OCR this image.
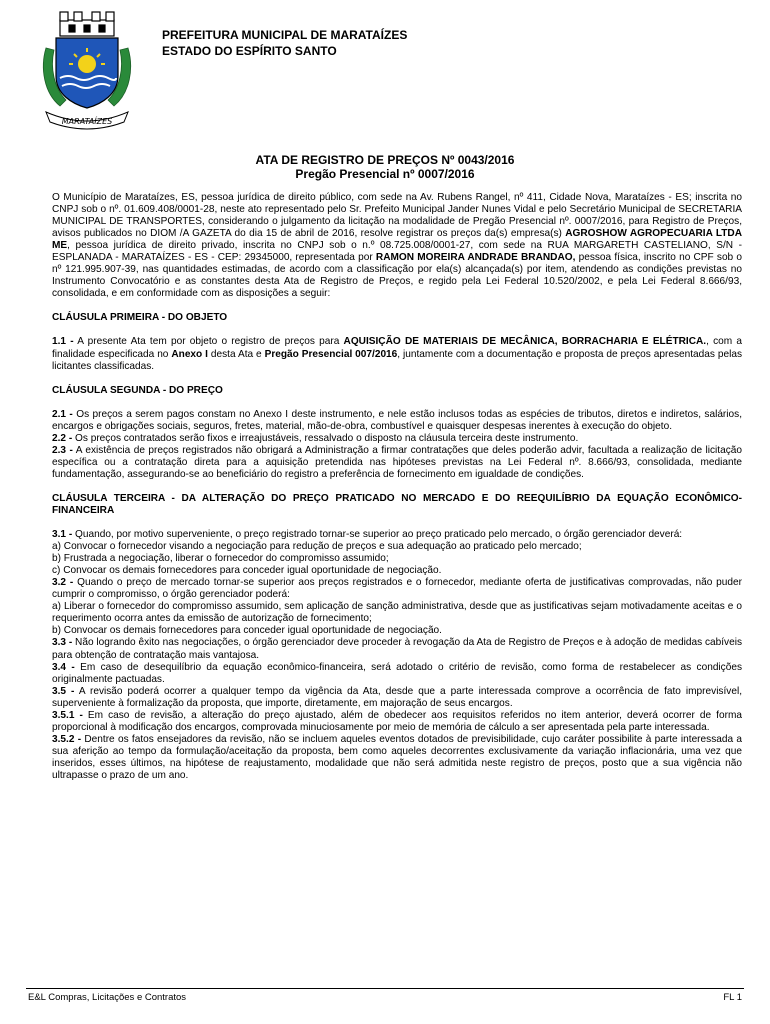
MARATAÍZES
PREFEITURA MUNICIPAL DE MARATAÍZES
ESTADO DO ESPÍRITO SANTO
ATA DE REGISTRO DE PREÇOS Nº 0043/2016
Pregão Presencial nº 0007/2016

O Município de Marataízes, ES, pessoa jurídica de direito público, com sede na Av. Rubens Rangel, nº 411, Cidade Nova, Marataízes - ES; inscrita no CNPJ sob o nº. 01.609.408/0001-28, neste ato representado pelo Sr. Prefeito Municipal Jander Nunes Vidal e pelo Secretário Municipal de SECRETARIA MUNICIPAL DE TRANSPORTES, considerando o julgamento da licitação na modalidade de Pregão Presencial nº. 0007/2016, para Registro de Preços, avisos publicados no DIOM /A GAZETA do dia 15 de abril de 2016, resolve registrar os preços da(s) empresa(s) AGROSHOW AGROPECUARIA LTDA ME, pessoa jurídica de direito privado, inscrita no CNPJ sob o n.º 08.725.008/0001-27, com sede na RUA MARGARETH CASTELIANO, S/N - ESPLANADA - MARATAÍZES - ES - CEP: 29345000, representada por RAMON MOREIRA ANDRADE BRANDAO, pessoa física, inscrito no CPF sob o nº 121.995.907-39, nas quantidades estimadas, de acordo com a classificação por ela(s) alcançada(s) por item, atendendo as condições previstas no Instrumento Convocatório e as constantes desta Ata de Registro de Preços, e regido pela Lei Federal 10.520/2002, e pela Lei Federal 8.666/93, consolidada, e em conformidade com as disposições a seguir:

CLÁUSULA PRIMEIRA - DO OBJETO

1.1 - A presente Ata tem por objeto o registro de preços para AQUISIÇÃO DE MATERIAIS DE MECÂNICA, BORRACHARIA E ELÉTRICA., com a finalidade especificada no Anexo I desta Ata e Pregão Presencial 007/2016, juntamente com a documentação e proposta de preços apresentadas pelas licitantes classificadas.

CLÁUSULA SEGUNDA - DO PREÇO

2.1 - Os preços a serem pagos constam no Anexo I deste instrumento, e nele estão inclusos todas as espécies de tributos, diretos e indiretos, salários, encargos e obrigações sociais, seguros, fretes, material, mão-de-obra, combustível e quaisquer despesas inerentes à execução do objeto.

2.2 - Os preços contratados serão fixos e irreajustáveis, ressalvado o disposto na cláusula terceira deste instrumento.

2.3 - A existência de preços registrados não obrigará a Administração a firmar contratações que deles poderão advir, facultada a realização de licitação específica ou a contratação direta para a aquisição pretendida nas hipóteses previstas na Lei Federal nº. 8.666/93, consolidada, mediante fundamentação, assegurando-se ao beneficiário do registro a preferência de fornecimento em igualdade de condições.

CLÁUSULA TERCEIRA - DA ALTERAÇÃO DO PREÇO PRATICADO NO MERCADO E DO REEQUILÍBRIO DA EQUAÇÃO ECONÔMICO-FINANCEIRA

3.1 - Quando, por motivo superveniente, o preço registrado tornar-se superior ao preço praticado pelo mercado, o órgão gerenciador deverá:

a) Convocar o fornecedor visando a negociação para redução de preços e sua adequação ao praticado pelo mercado;

b) Frustrada a negociação, liberar o fornecedor do compromisso assumido;

c) Convocar os demais fornecedores para conceder igual oportunidade de negociação.

3.2 - Quando o preço de mercado tornar-se superior aos preços registrados e o fornecedor, mediante oferta de justificativas comprovadas, não puder cumprir o compromisso, o órgão gerenciador poderá:

a) Liberar o fornecedor do compromisso assumido, sem aplicação de sanção administrativa, desde que as justificativas sejam motivadamente aceitas e o requerimento ocorra antes da emissão de autorização de fornecimento;

b) Convocar os demais fornecedores para conceder igual oportunidade de negociação.

3.3 - Não logrando êxito nas negociações, o órgão gerenciador deve proceder à revogação da Ata de Registro de Preços e à adoção de medidas cabíveis para obtenção de contratação mais vantajosa.

3.4 - Em caso de desequilíbrio da equação econômico-financeira, será adotado o critério de revisão, como forma de restabelecer as condições originalmente pactuadas.

3.5 - A revisão poderá ocorrer a qualquer tempo da vigência da Ata, desde que a parte interessada comprove a ocorrência de fato imprevisível, superveniente à formalização da proposta, que importe, diretamente, em majoração de seus encargos.

3.5.1 - Em caso de revisão, a alteração do preço ajustado, além de obedecer aos requisitos referidos no item anterior, deverá ocorrer de forma proporcional à modificação dos encargos, comprovada minuciosamente por meio de memória de cálculo a ser apresentada pela parte interessada.

3.5.2 - Dentre os fatos ensejadores da revisão, não se incluem aqueles eventos dotados de previsibilidade, cujo caráter possibilite à parte interessada a sua aferição ao tempo da formulação/aceitação da proposta, bem como aqueles decorrentes exclusivamente da variação inflacionária, uma vez que inseridos, esses últimos, na hipótese de reajustamento, modalidade que não será admitida neste registro de preços, posto que a sua vigência não ultrapasse o prazo de um ano.

E&L Compras, Licitações e Contratos	FL 1
